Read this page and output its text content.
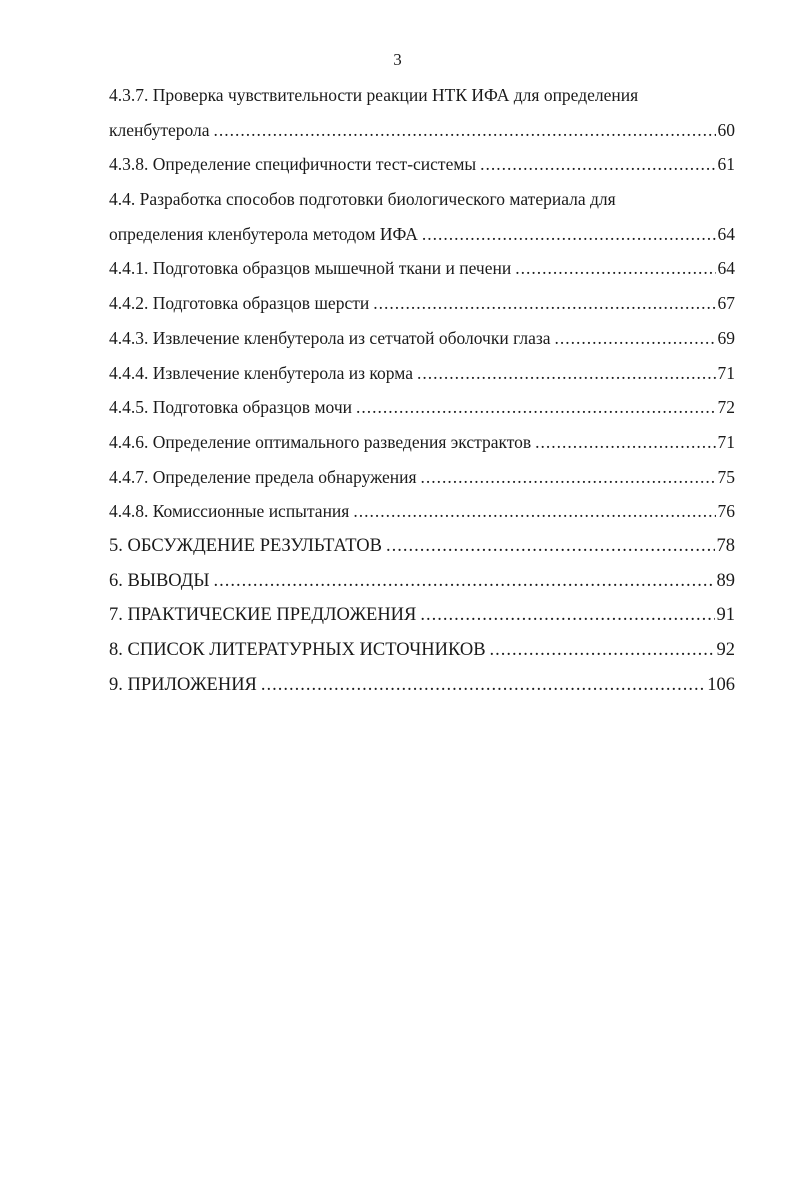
3
4.3.7. Проверка чувствительности реакции НТК ИФА для определения
кленбутерола .....	60
4.3.8. Определение специфичности тест-системы .....	61
4.4. Разработка способов подготовки биологического материала для
определения кленбутерола методом ИФА .....	64
4.4.1. Подготовка образцов мышечной ткани и печени .....	64
4.4.2. Подготовка образцов шерсти .....	67
4.4.3. Извлечение кленбутерола из сетчатой оболочки глаза .....	69
4.4.4. Извлечение кленбутерола из корма .....	71
4.4.5. Подготовка образцов мочи .....	72
4.4.6. Определение оптимального разведения экстрактов .....	71
4.4.7. Определение предела обнаружения .....	75
4.4.8. Комиссионные испытания .....	76
5. ОБСУЖДЕНИЕ РЕЗУЛЬТАТОВ .....	78
6. ВЫВОДЫ .....	89
7. ПРАКТИЧЕСКИЕ ПРЕДЛОЖЕНИЯ .....	91
8. СПИСОК ЛИТЕРАТУРНЫХ ИСТОЧНИКОВ .....	92
9. ПРИЛОЖЕНИЯ .....	106
